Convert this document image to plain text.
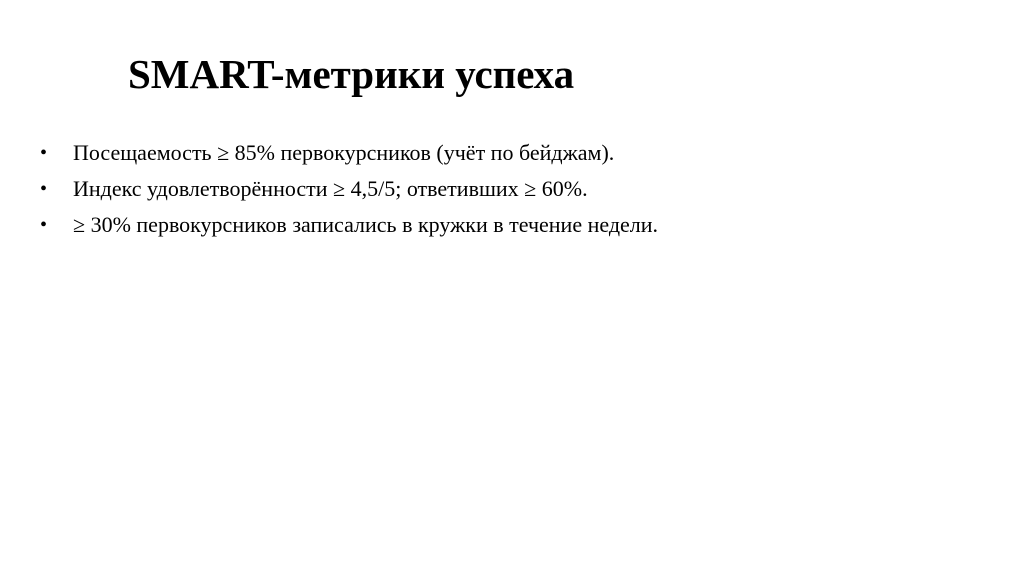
SMART-метрики успеха
•	Посещаемость ≥ 85% первокурсников (учёт по бейджам).
•	Индекс удовлетворённости ≥ 4,5/5; ответивших ≥ 60%.
•	≥ 30% первокурсников записались в кружки в течение недели.
